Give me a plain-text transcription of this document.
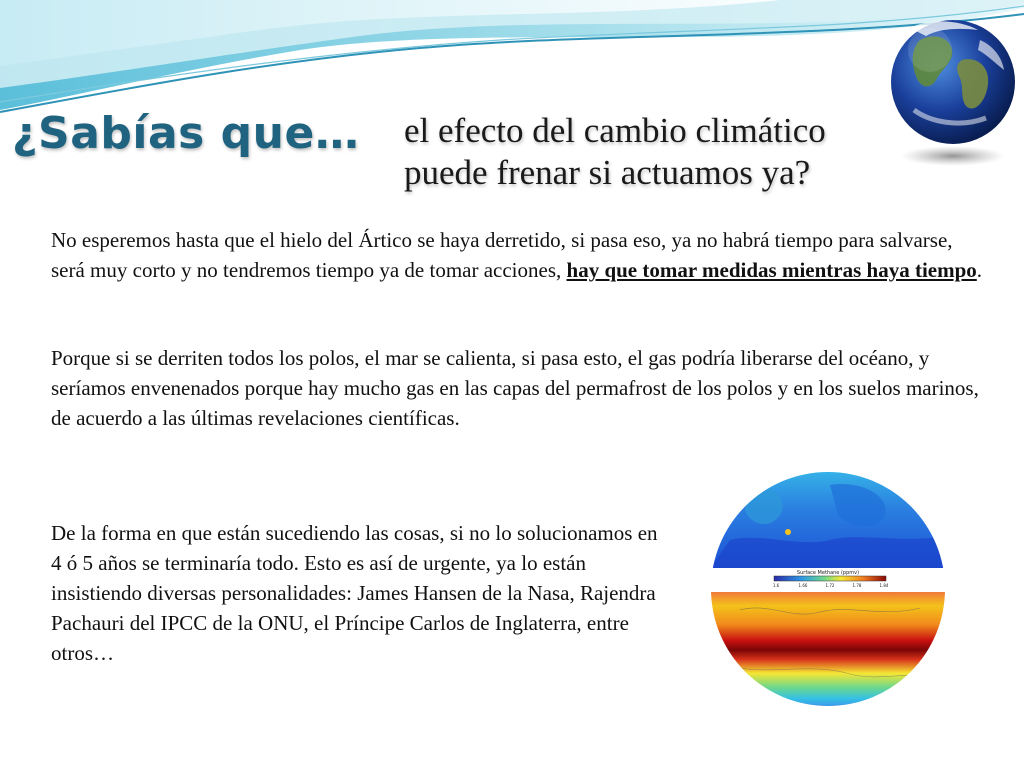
¿Sabías que… el efecto del cambio climático
puede frenar si actuamos ya?

No esperemos hasta que el hielo del Ártico se haya derretido, si pasa eso, ya no habrá tiempo para salvarse, será muy corto y no tendremos tiempo ya de tomar acciones, hay que tomar medidas mientras haya tiempo.

Porque si se derriten todos los polos, el mar se calienta, si pasa esto, el gas podría liberarse del océano, y seríamos envenenados porque hay mucho gas en las capas del permafrost de los polos y en los suelos marinos, de acuerdo a las últimas revelaciones científicas.

De la forma en que están sucediendo las cosas, si no lo solucionamos en 4 ó 5 años se terminaría todo. Esto es así de urgente, ya lo están insistiendo diversas personalidades: James Hansen de la Nasa, Rajendra Pachauri del IPCC de la ONU, el Príncipe Carlos de Inglaterra, entre otros…

Surface Methane (ppmv)
1.6	1.66	1.72	1.78	1.84
